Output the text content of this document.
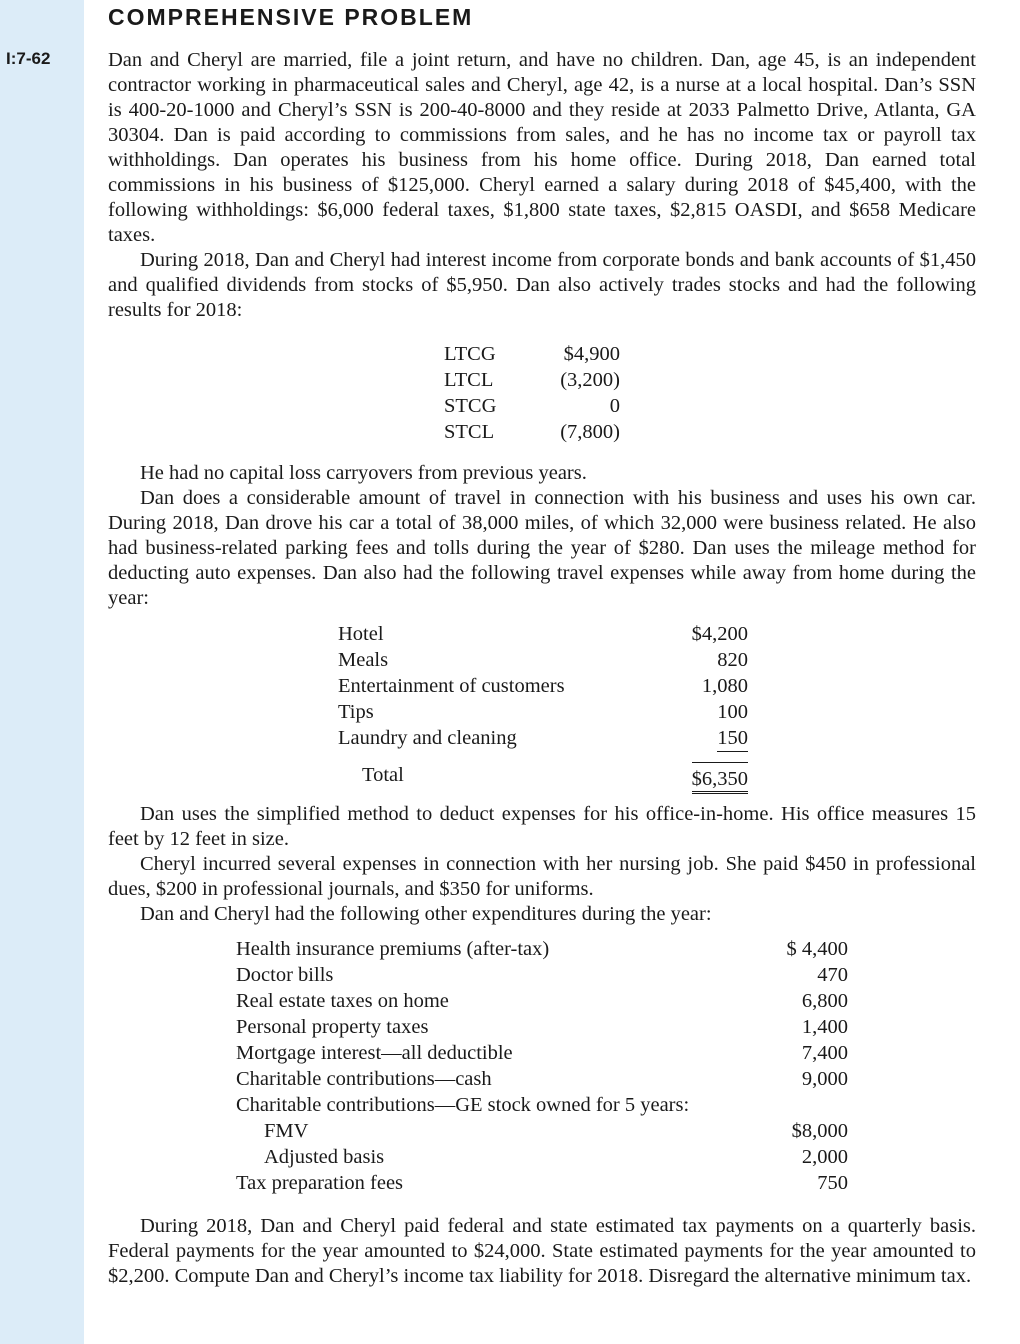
COMPREHENSIVE PROBLEM
I:7-62	Dan and Cheryl are married, file a joint return, and have no children. Dan, age 45, is an independent contractor working in pharmaceutical sales and Cheryl, age 42, is a nurse at a local hospital. Dan’s SSN is 400-20-1000 and Cheryl’s SSN is 200-40-8000 and they reside at 2033 Palmetto Drive, Atlanta, GA 30304. Dan is paid according to commissions from sales, and he has no income tax or payroll tax withholdings. Dan operates his business from his home office. During 2018, Dan earned total commissions in his business of $125,000. Cheryl earned a salary during 2018 of $45,400, with the following withholdings: $6,000 federal taxes, $1,800 state taxes, $2,815 OASDI, and $658 Medicare taxes.

During 2018, Dan and Cheryl had interest income from corporate bonds and bank accounts of $1,450 and qualified dividends from stocks of $5,950. Dan also actively trades stocks and had the following results for 2018:

LTCG	$4,900
LTCL	(3,200)
STCG	0
STCL	(7,800)

He had no capital loss carryovers from previous years.

Dan does a considerable amount of travel in connection with his business and uses his own car. During 2018, Dan drove his car a total of 38,000 miles, of which 32,000 were business related. He also had business-related parking fees and tolls during the year of $280. Dan uses the mileage method for deducting auto expenses. Dan also had the following travel expenses while away from home during the year:

Hotel	$4,200
Meals	820
Entertainment of customers	1,080
Tips	100
Laundry and cleaning	150
Total	$6,350

Dan uses the simplified method to deduct expenses for his office-in-home. His office measures 15 feet by 12 feet in size.

Cheryl incurred several expenses in connection with her nursing job. She paid $450 in professional dues, $200 in professional journals, and $350 for uniforms.

Dan and Cheryl had the following other expenditures during the year:

Health insurance premiums (after-tax)	$ 4,400
Doctor bills	470
Real estate taxes on home	6,800
Personal property taxes	1,400
Mortgage interest—all deductible	7,400
Charitable contributions—cash	9,000
Charitable contributions—GE stock owned for 5 years:
FMV	$8,000
Adjusted basis	2,000
Tax preparation fees	750

During 2018, Dan and Cheryl paid federal and state estimated tax payments on a quarterly basis. Federal payments for the year amounted to $24,000. State estimated payments for the year amounted to $2,200. Compute Dan and Cheryl’s income tax liability for 2018. Disregard the alternative minimum tax.
